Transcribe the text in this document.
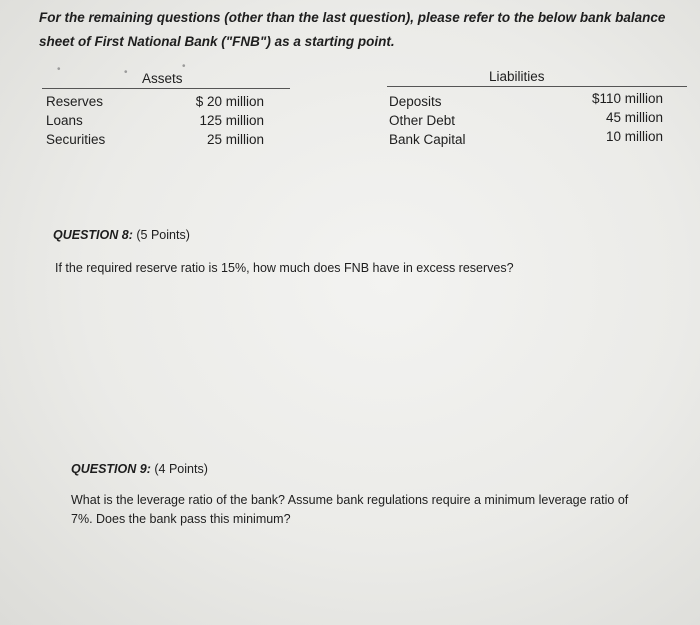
For the remaining questions (other than the last question), please refer to the below bank balance
sheet of First National Bank ("FNB") as a starting point.
•	•
•
Assets
Reserves	$ 20 million
Loans	125 million
Securities	25 million
Liabilities
Deposits	$110 million
Other Debt	45 million
Bank Capital	10 million
QUESTION 8: (5 Points)
If the required reserve ratio is 15%, how much does FNB have in excess reserves?
QUESTION 9: (4 Points)
What is the leverage ratio of the bank? Assume bank regulations require a minimum leverage ratio of
7%. Does the bank pass this minimum?
